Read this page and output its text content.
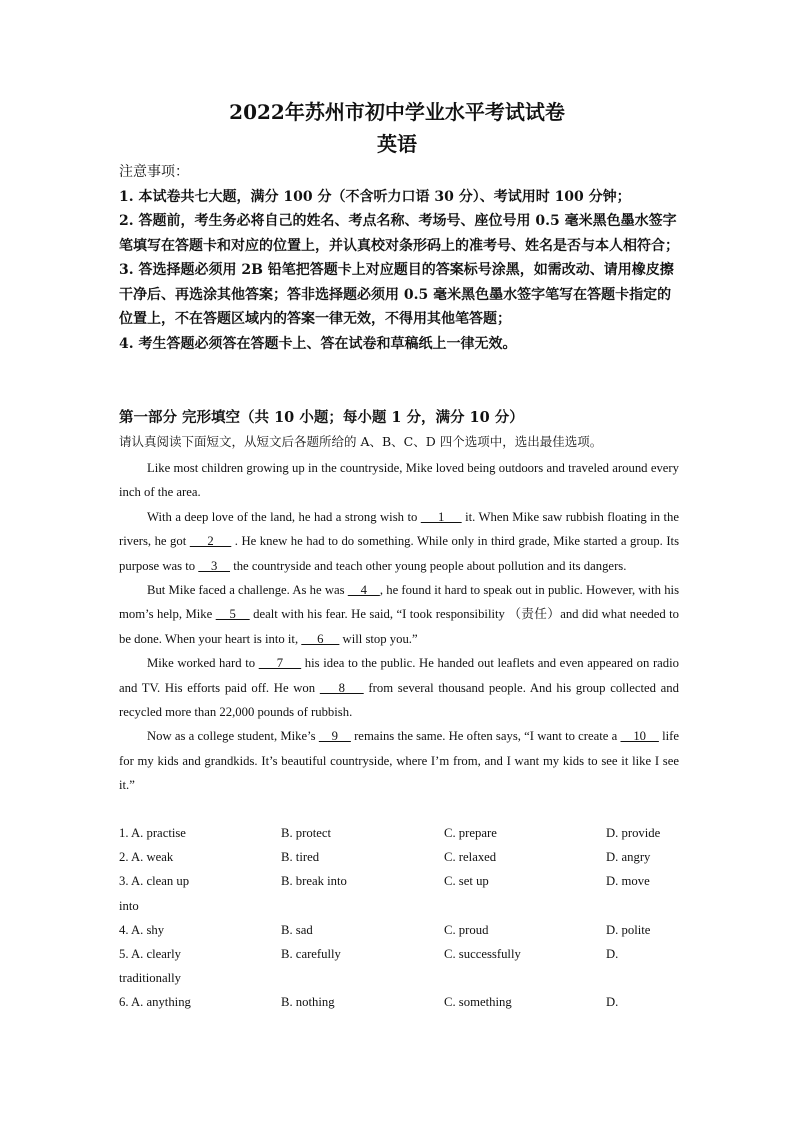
2022年苏州市初中学业水平考试试卷
英语
注意事项：
1. 本试卷共七大题，满分 100 分（不含听力口语 30 分）、考试用时 100 分钟；
2. 答题前，考生务必将自己的姓名、考点名称、考场号、座位号用 0.5 毫米黑色墨水签字笔填写在答题卡和对应的位置上，并认真校对条形码上的准考号、姓名是否与本人相符合；
3. 答选择题必须用 2B 铅笔把答题卡上对应题目的答案标号涂黑，如需改动、请用橡皮擦干净后、再选涂其他答案；答非选择题必须用 0.5 毫米黑色墨水签字笔写在答题卡指定的位置上，不在答题区域内的答案一律无效，不得用其他笔答题；
4. 考生答题必须答在答题卡上、答在试卷和草稿纸上一律无效。
第一部分 完形填空（共 10 小题；每小题 1 分，满分 10 分）
请认真阅读下面短文，从短文后各题所给的 A、B、C、D 四个选项中，选出最佳选项。

Like most children growing up in the countryside, Mike loved being outdoors and traveled around every inch of the area.

With a deep love of the land, he had a strong wish to      1      it. When Mike saw rubbish floating in the rivers, he got      2      . He knew he had to do something. While only in third grade, Mike started a group. Its purpose was to     3     the countryside and teach other young people about pollution and its dangers.

But Mike faced a challenge. As he was     4    , he found it hard to speak out in public. However, with his mom’s help, Mike     5     dealt with his fear. He said, “I took responsibility （责任）and did what needed to be done. When your heart is into it,      6      will stop you.”

Mike worked hard to      7      his idea to the public. He handed out leaflets and even appeared on radio and TV. His efforts paid off. He won     8     from several thousand people. And his group collected and recycled more than 22,000 pounds of rubbish.

Now as a college student, Mike’s     9     remains the same. He often says, “I want to create a     10     life for my kids and grandkids. It’s beautiful countryside, where I’m from, and I want my kids to see it like I see it.”

1. A. practise	B. protect	C. prepare	D. provide
2. A. weak	B. tired	C. relaxed	D. angry
3. A. clean up	B. break into	C. set up	D. move
into
4. A. shy	B. sad	C. proud	D. polite
5. A. clearly	B. carefully	C. successfully	D.
traditionally
6. A. anything	B. nothing	C. something	D.
